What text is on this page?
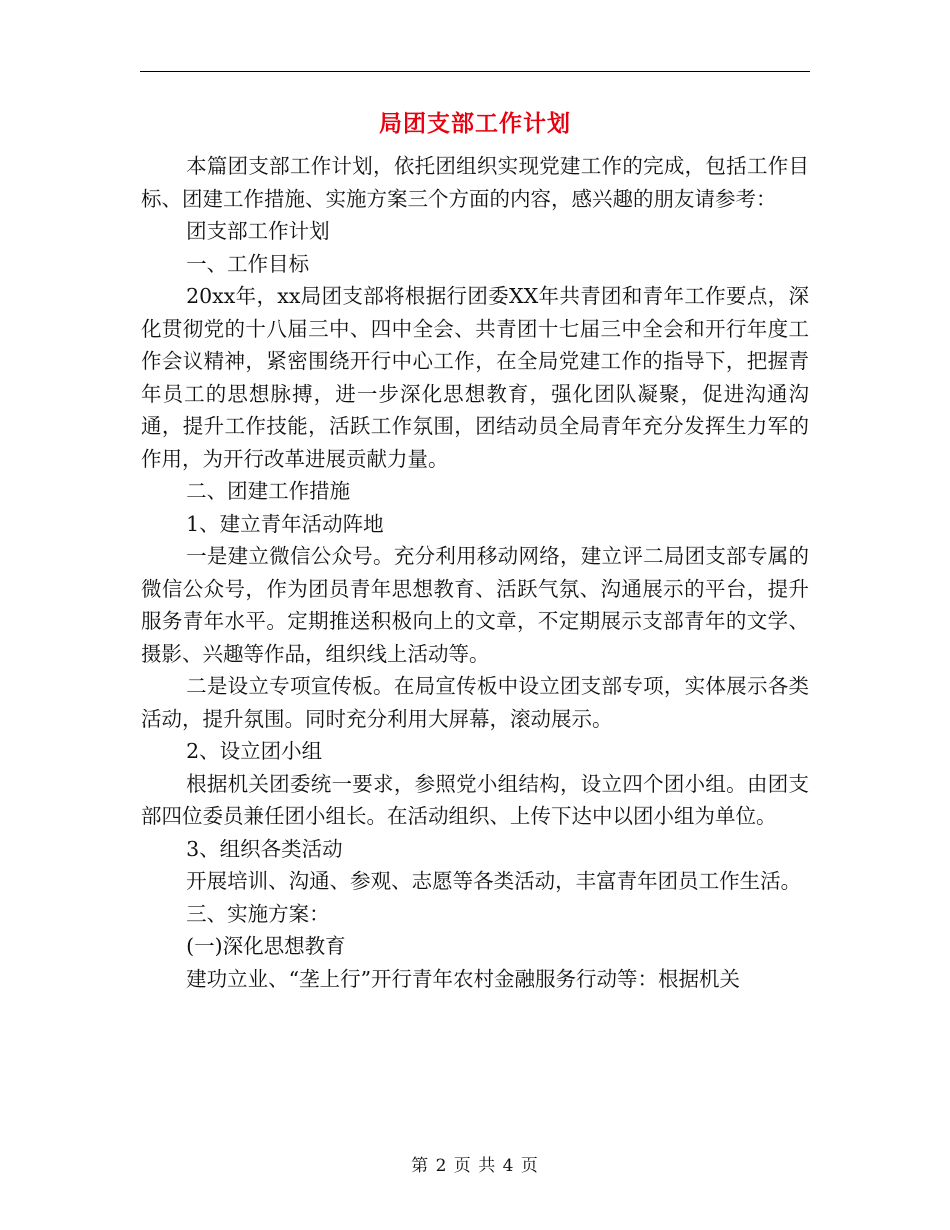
局团支部工作计划

本篇团支部工作计划，依托团组织实现党建工作的完成，包括工作目标、团建工作措施、实施方案三个方面的内容，感兴趣的朋友请参考：

团支部工作计划

一、工作目标

20xx年，xx局团支部将根据行团委XX年共青团和青年工作要点，深化贯彻党的十八届三中、四中全会、共青团十七届三中全会和开行年度工作会议精神，紧密围绕开行中心工作，在全局党建工作的指导下，把握青年员工的思想脉搏，进一步深化思想教育，强化团队凝聚，促进沟通沟通，提升工作技能，活跃工作氛围，团结动员全局青年充分发挥生力军的作用，为开行改革进展贡献力量。

二、团建工作措施

1、建立青年活动阵地

一是建立微信公众号。充分利用移动网络，建立评二局团支部专属的微信公众号，作为团员青年思想教育、活跃气氛、沟通展示的平台，提升服务青年水平。定期推送积极向上的文章，不定期展示支部青年的文学、摄影、兴趣等作品，组织线上活动等。

二是设立专项宣传板。在局宣传板中设立团支部专项，实体展示各类活动，提升氛围。同时充分利用大屏幕，滚动展示。

2、设立团小组

根据机关团委统一要求，参照党小组结构，设立四个团小组。由团支部四位委员兼任团小组长。在活动组织、上传下达中以团小组为单位。

3、组织各类活动

开展培训、沟通、参观、志愿等各类活动，丰富青年团员工作生活。

三、实施方案：

(一)深化思想教育

建功立业、“垄上行”开行青年农村金融服务行动等：根据机关

第 2 页 共 4 页
